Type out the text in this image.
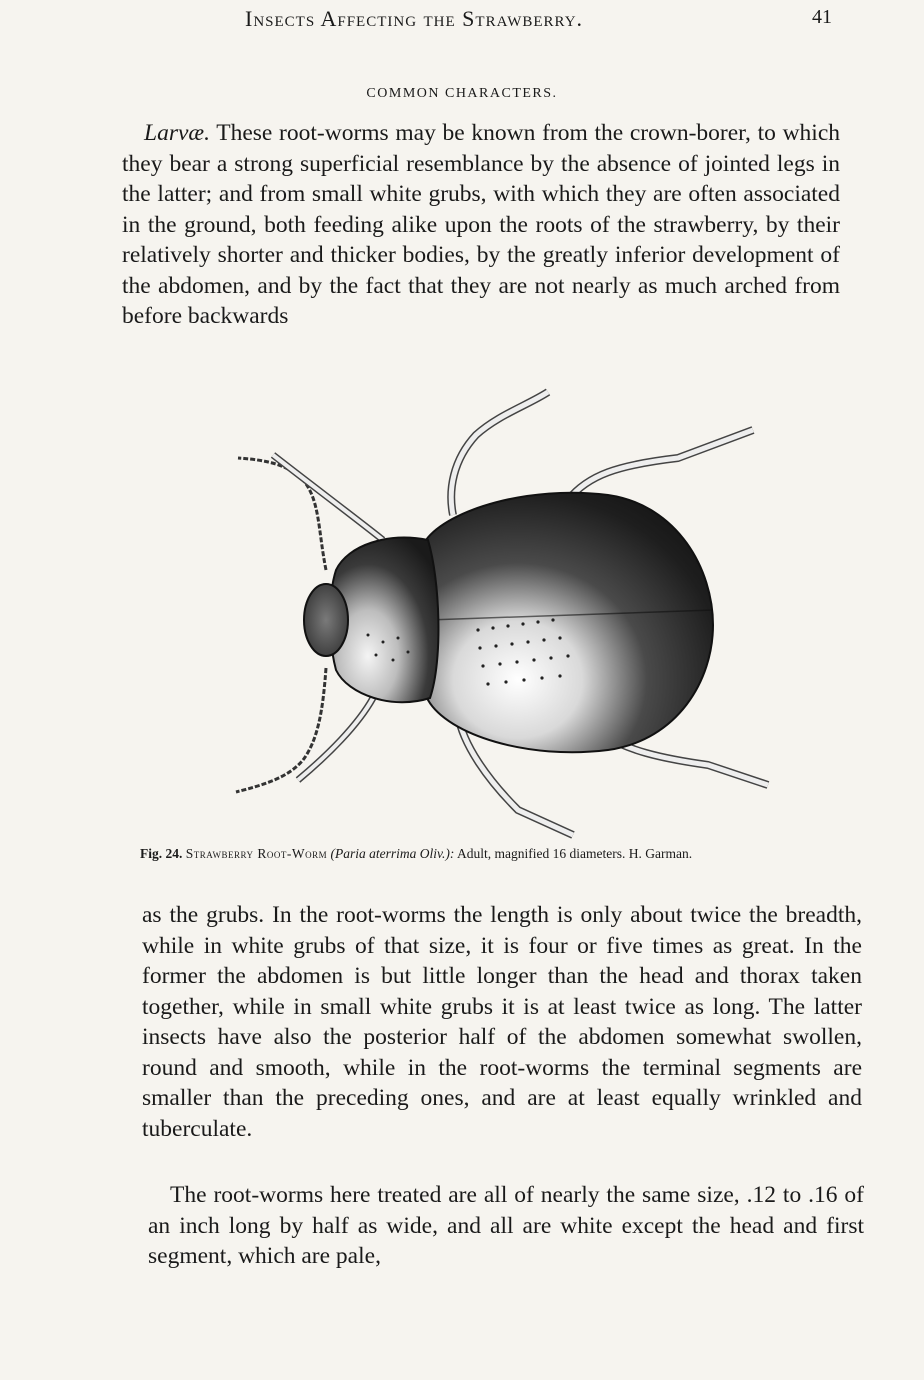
Insects Affecting the Strawberry.	41
COMMON CHARACTERS.

Larvæ. These root-worms may be known from the crown-borer, to which they bear a strong superficial resemblance by the absence of jointed legs in the latter; and from small white grubs, with which they are often associated in the ground, both feeding alike upon the roots of the strawberry, by their relatively shorter and thicker bodies, by the greatly inferior development of the abdomen, and by the fact that they are not nearly as much arched from before backwards

Fig. 24. Strawberry Root-Worm (Paria aterrima Oliv.): Adult, magnified 16 diameters. H. Garman.

as the grubs. In the root-worms the length is only about twice the breadth, while in white grubs of that size, it is four or five times as great. In the former the abdomen is but little longer than the head and thorax taken together, while in small white grubs it is at least twice as long. The latter insects have also the posterior half of the abdomen somewhat swollen, round and smooth, while in the root-worms the terminal segments are smaller than the preceding ones, and are at least equally wrinkled and tuberculate.

The root-worms here treated are all of nearly the same size, .12 to .16 of an inch long by half as wide, and all are white except the head and first segment, which are pale,
